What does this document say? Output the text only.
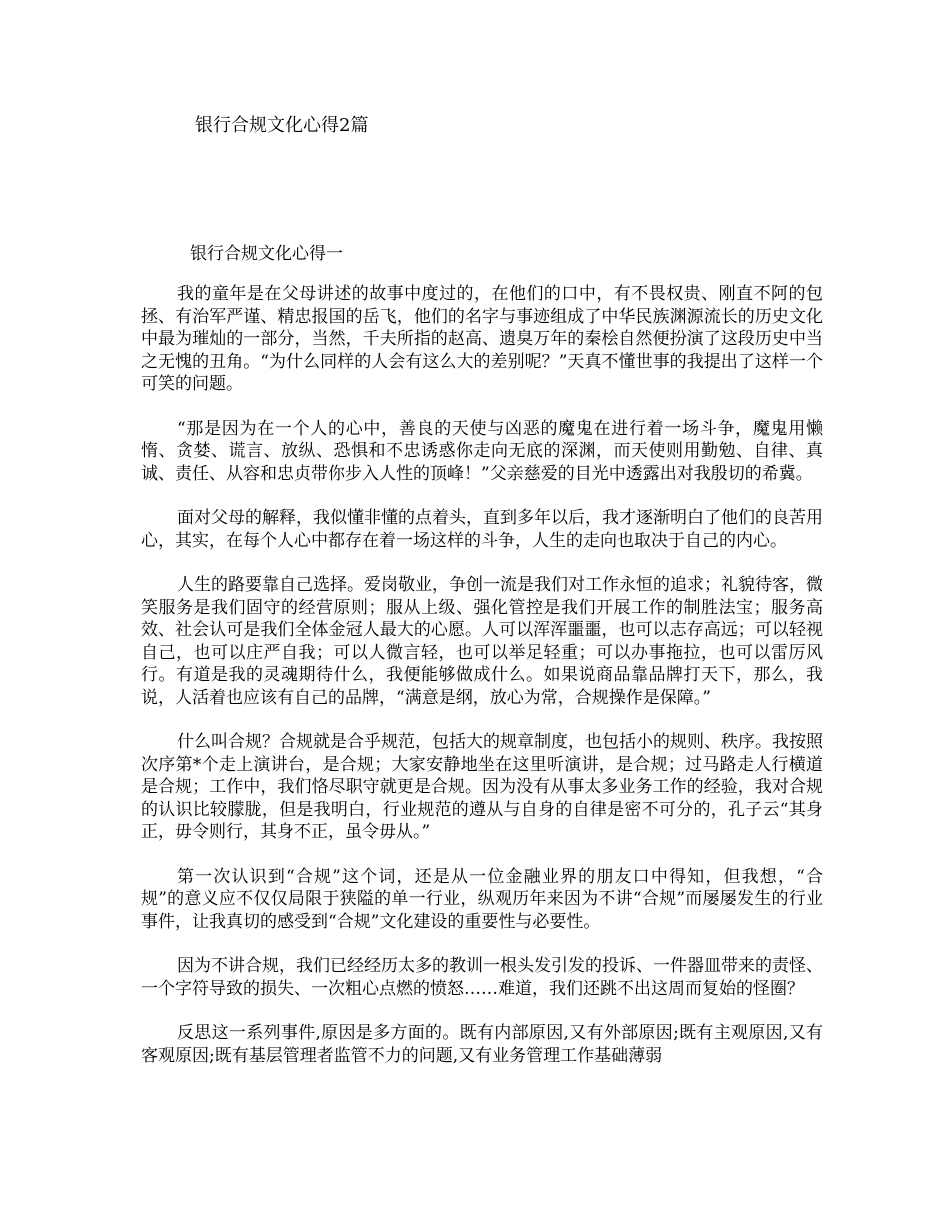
银行合规文化心得2篇
银行合规文化心得一

我的童年是在父母讲述的故事中度过的，在他们的口中，有不畏权贵、刚直不阿的包拯、有治军严谨、精忠报国的岳飞，他们的名字与事迹组成了中华民族渊源流长的历史文化中最为璀灿的一部分，当然，千夫所指的赵高、遗臭万年的秦桧自然便扮演了这段历史中当之无愧的丑角。“为什么同样的人会有这么大的差别呢？”天真不懂世事的我提出了这样一个可笑的问题。

“那是因为在一个人的心中，善良的天使与凶恶的魔鬼在进行着一场斗争，魔鬼用懒惰、贪婪、谎言、放纵、恐惧和不忠诱惑你走向无底的深渊，而天使则用勤勉、自律、真诚、责任、从容和忠贞带你步入人性的顶峰！”父亲慈爱的目光中透露出对我殷切的希冀。

面对父母的解释，我似懂非懂的点着头，直到多年以后，我才逐渐明白了他们的良苦用心，其实，在每个人心中都存在着一场这样的斗争，人生的走向也取决于自己的内心。

人生的路要靠自己选择。爱岗敬业，争创一流是我们对工作永恒的追求；礼貌待客，微笑服务是我们固守的经营原则；服从上级、强化管控是我们开展工作的制胜法宝；服务高效、社会认可是我们全体金冠人最大的心愿。人可以浑浑噩噩，也可以志存高远；可以轻视自己，也可以庄严自我；可以人微言轻，也可以举足轻重；可以办事拖拉，也可以雷厉风行。有道是我的灵魂期待什么，我便能够做成什么。如果说商品靠品牌打天下，那么，我说，人活着也应该有自己的品牌，“满意是纲，放心为常，合规操作是保障。”

什么叫合规？合规就是合乎规范，包括大的规章制度，也包括小的规则、秩序。我按照次序第*个走上演讲台，是合规；大家安静地坐在这里听演讲，是合规；过马路走人行横道是合规；工作中，我们恪尽职守就更是合规。因为没有从事太多业务工作的经验，我对合规的认识比较朦胧，但是我明白，行业规范的遵从与自身的自律是密不可分的，孔子云“其身正，毋令则行，其身不正，虽令毋从。”

第一次认识到“合规”这个词，还是从一位金融业界的朋友口中得知，但我想，“合规”的意义应不仅仅局限于狭隘的单一行业，纵观历年来因为不讲“合规”而屡屡发生的行业事件，让我真切的感受到“合规”文化建设的重要性与必要性。

因为不讲合规，我们已经经历太多的教训一根头发引发的投诉、一件器皿带来的责怪、一个字符导致的损失、一次粗心点燃的愤怒……难道，我们还跳不出这周而复始的怪圈？

反思这一系列事件,原因是多方面的。既有内部原因,又有外部原因;既有主观原因,又有客观原因;既有基层管理者监管不力的问题,又有业务管理工作基础薄弱
